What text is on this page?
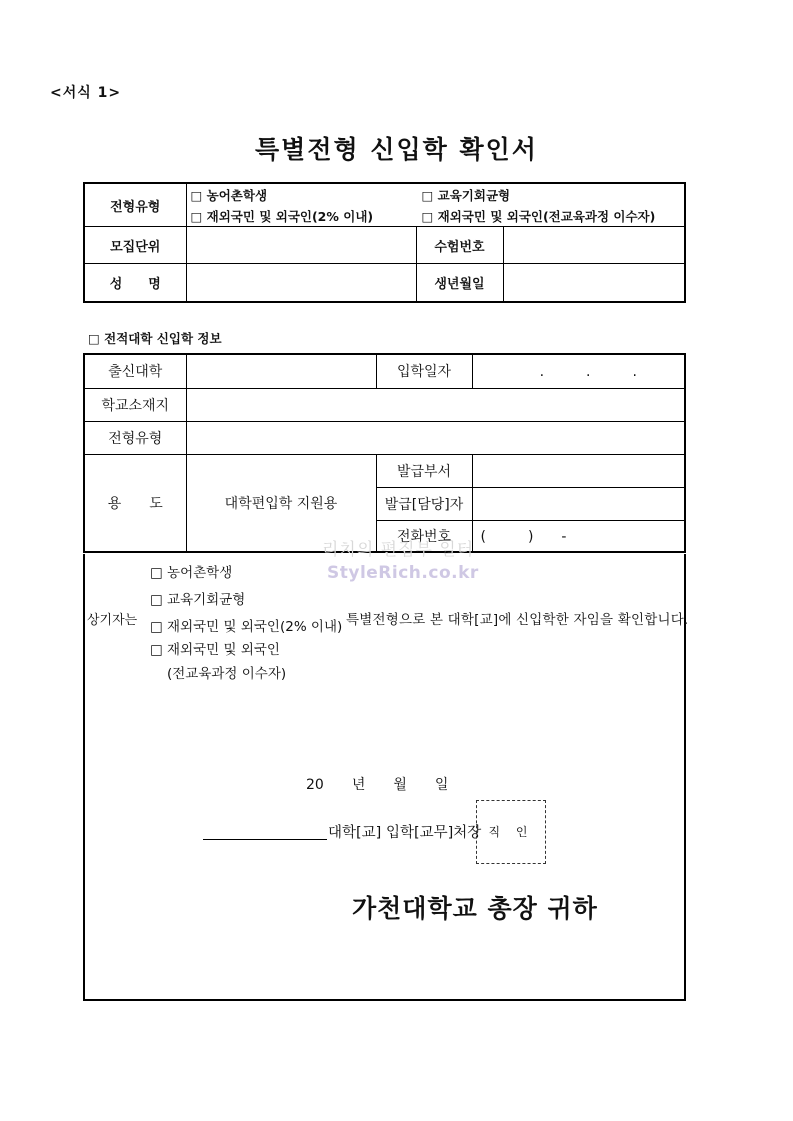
<서식 1>
특별전형 신입학 확인서
전형유형	□ 농어촌학생 □ 교육기회균형
□ 재외국민 및 외국인(2% 이내) □ 재외국민 및 외국인(전교육과정 이수자)	

모집단위		수험번호

성　　명		생년월일
□ 전적대학 신입학 정보
출신대학		입학일자	.　　　.　　　.
학교소재지			
전형유형			
용　　도	대학편입학 지원용	발급부서	
		발급[담당]자	
		전화번호	(　　　)　　-
상기자는
□ 농어촌학생
□ 교육기회균형
□ 재외국민 및 외국인(2% 이내)
□ 재외국민 및 외국인
(전교육과정 이수자)
특별전형으로 본 대학[교]에 신입학한 자임을 확인합니다.
20　　년　　월　　일
대학[교] 입학[교무]처장 직 인
가천대학교 총장 귀하
리치의 편집부 일터
StyleRich.co.kr
